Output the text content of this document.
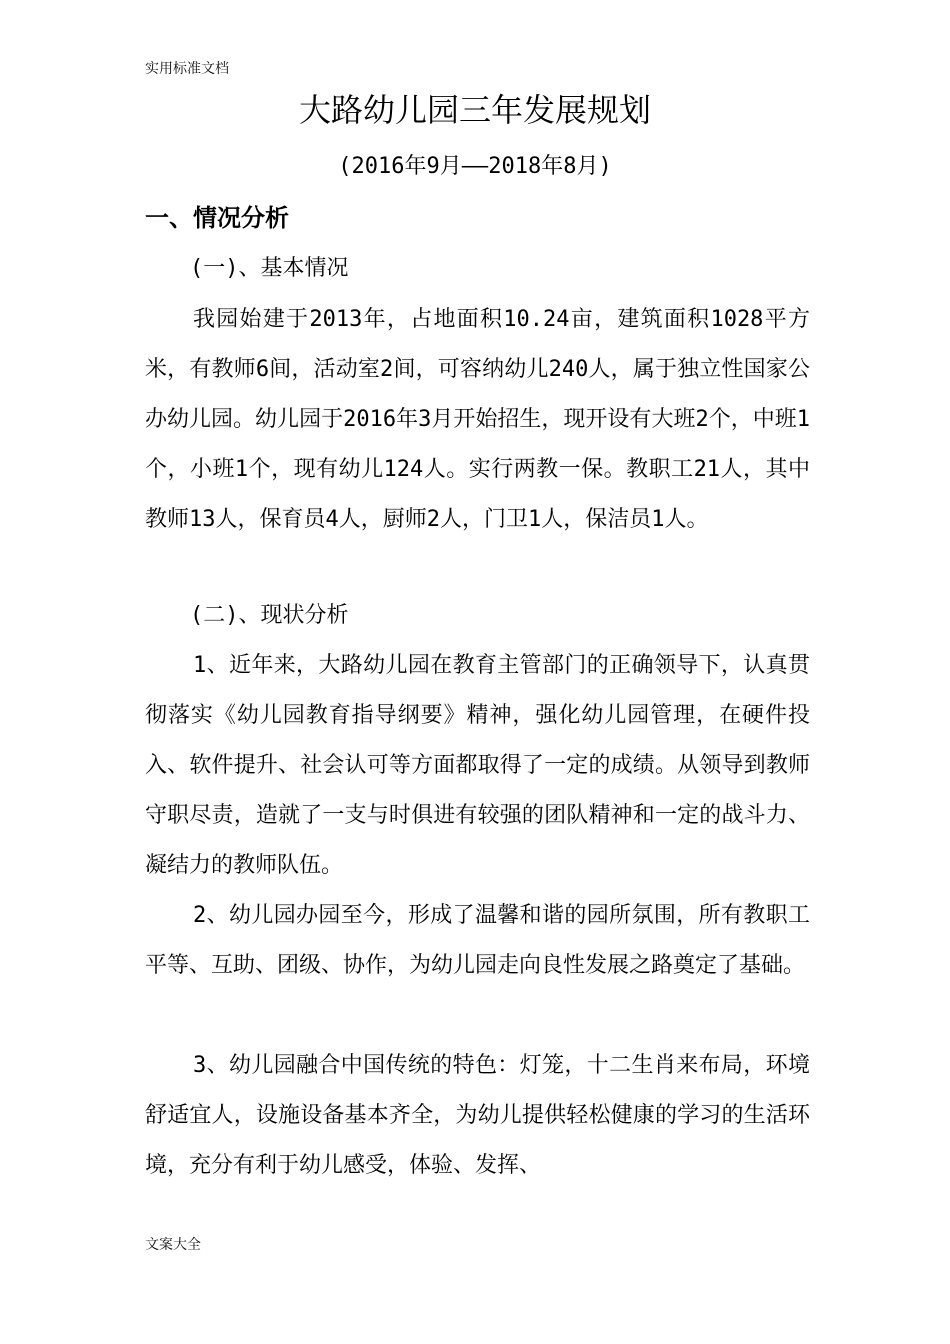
实用标准文档
大路幼儿园三年发展规划
(2016年9月——2018年8月)
一、情况分析
(一)、基本情况
我园始建于2013年，占地面积10.24亩，建筑面积1028平方米，有教师6间，活动室2间，可容纳幼儿240人，属于独立性国家公办幼儿园。幼儿园于2016年3月开始招生，现开设有大班2个，中班1个，小班1个，现有幼儿124人。实行两教一保。教职工21人，其中教师13人，保育员4人，厨师2人，门卫1人，保洁员1人。
(二)、现状分析
1、近年来，大路幼儿园在教育主管部门的正确领导下，认真贯彻落实《幼儿园教育指导纲要》精神，强化幼儿园管理，在硬件投入、软件提升、社会认可等方面都取得了一定的成绩。从领导到教师守职尽责，造就了一支与时俱进有较强的团队精神和一定的战斗力、凝结力的教师队伍。
2、幼儿园办园至今，形成了温馨和谐的园所氛围，所有教职工平等、互助、团级、协作，为幼儿园走向良性发展之路奠定了基础。
3、幼儿园融合中国传统的特色：灯笼，十二生肖来布局，环境舒适宜人，设施设备基本齐全，为幼儿提供轻松健康的学习的生活环境，充分有利于幼儿感受，体验、发挥、
文案大全
